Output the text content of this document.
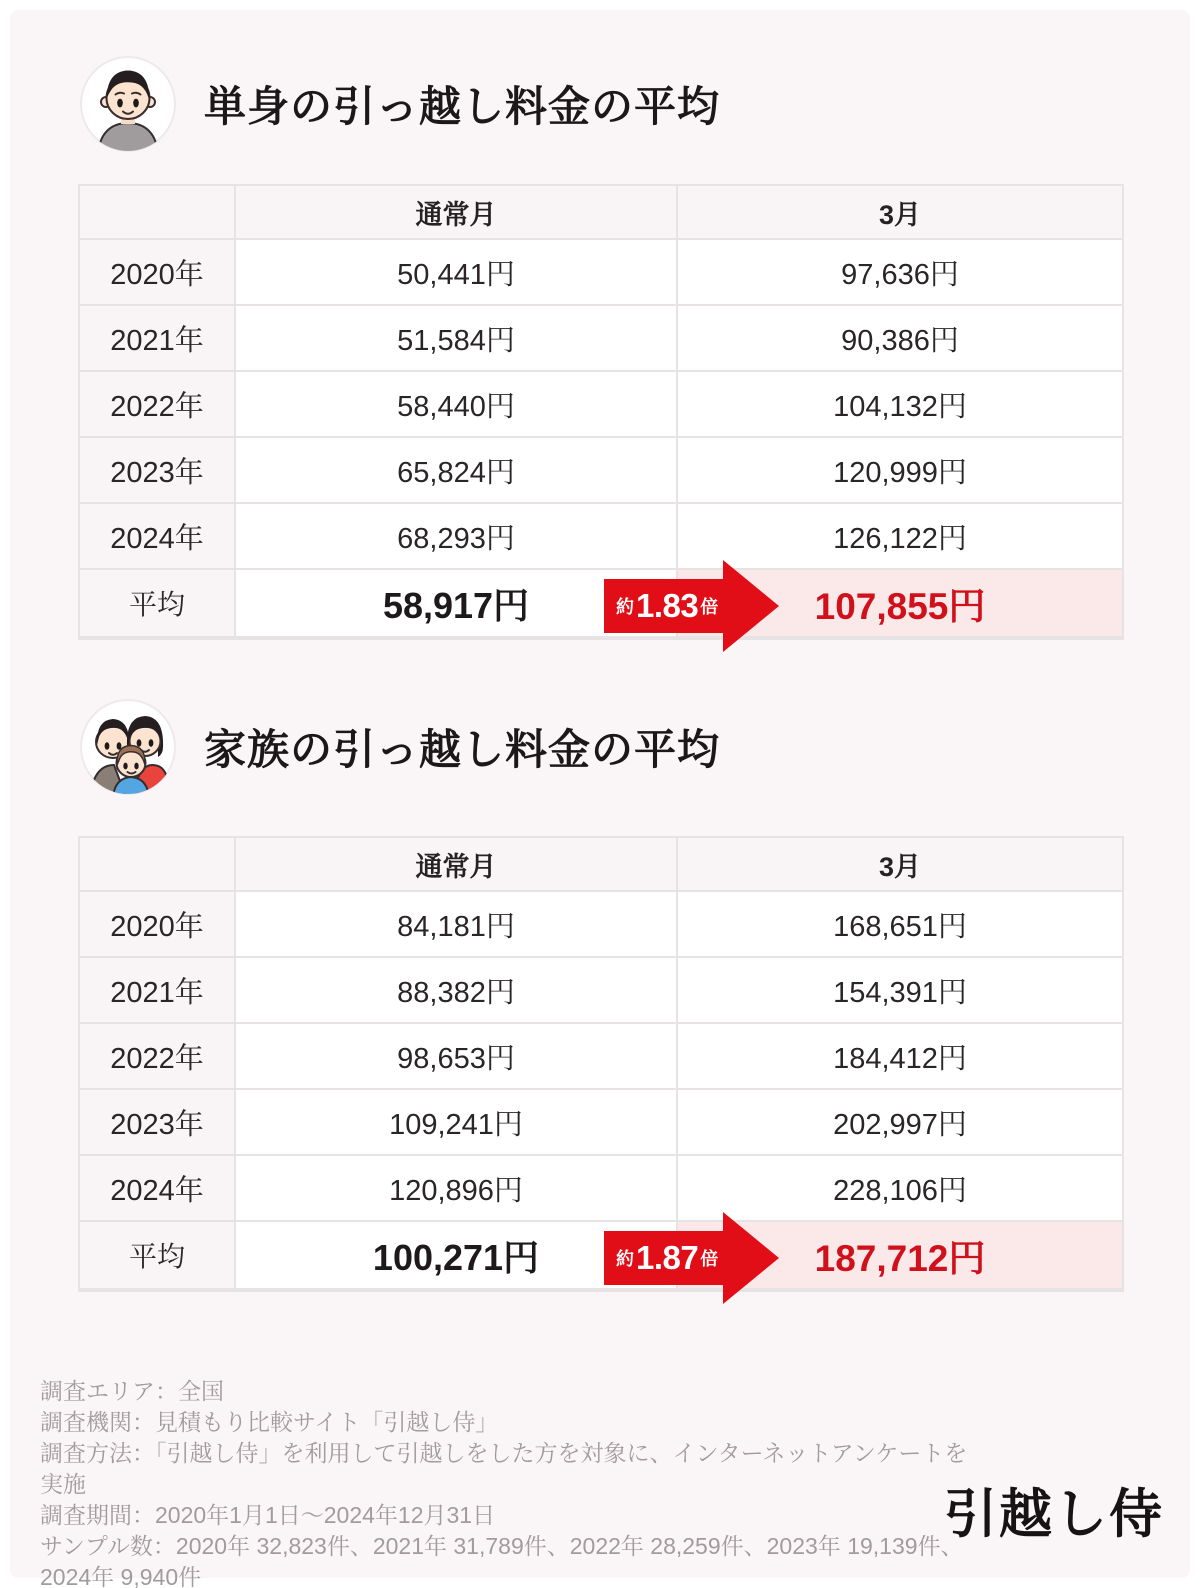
単身の引っ越し料金の平均
通常月	3月
2020年	50,441円	97,636円
2021年	51,584円	90,386円
2022年	58,440円	104,132円
2023年	65,824円	120,999円
2024年	68,293円	126,122円
平均	58,917円	107,855円
約 1.83 倍
家族の引っ越し料金の平均
通常月	3月
2020年	84,181円	168,651円
2021年	88,382円	154,391円
2022年	98,653円	184,412円
2023年	109,241円	202,997円
2024年	120,896円	228,106円
平均	100,271円	187,712円
約 1.87 倍
調査エリア：全国
調査機関：見積もり比較サイト「引越し侍」
調査方法：「引越し侍」を利用して引越しをした方を対象に、インターネットアンケートを実施
調査期間：2020年1月1日～2024年12月31日
サンプル数：2020年 32,823件、2021年 31,789件、2022年 28,259件、2023年 19,139件、2024年 9,940件
引越し侍
